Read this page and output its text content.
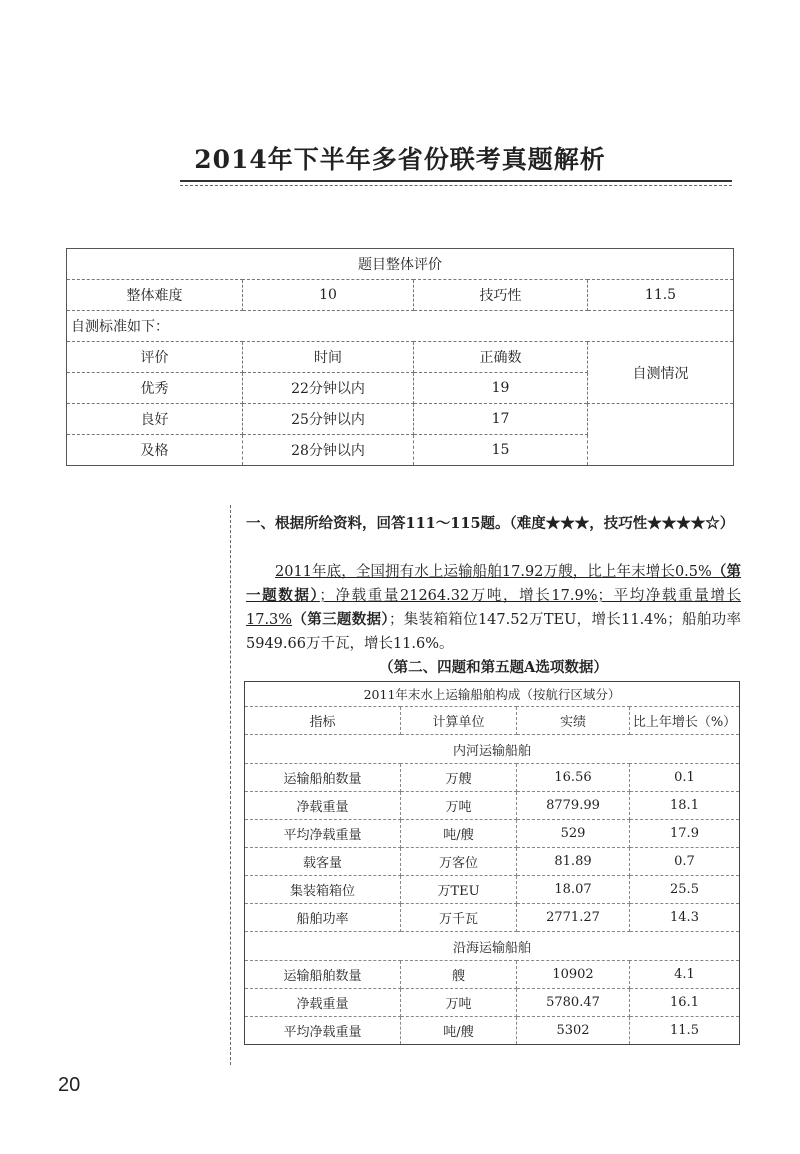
2014年下半年多省份联考真题解析
题目整体评价			
整体难度	10	技巧性	11.5
自测标准如下：			
评价	时间	正确数	自测情况
优秀	22分钟以内	19	
良好	25分钟以内	17	
及格	28分钟以内	15	
一、根据所给资料，回答111～115题。（难度★★★，技巧性★★★★☆）
2011年底，全国拥有水上运输船舶17.92万艘，比上年末增长0.5%（第一题数据）；净载重量21264.32万吨，增长17.9%；平均净载重量增长17.3%（第三题数据）；集装箱箱位147.52万TEU，增长11.4%；船舶功率5949.66万千瓦，增长11.6%。
（第二、四题和第五题A选项数据）
2011年末水上运输船舶构成（按航行区域分）			
指标	计算单位	实绩	比上年增长（%）
内河运输船舶			
运输船舶数量	万艘	16.56	0.1
净载重量	万吨	8779.99	18.1
平均净载重量	吨/艘	529	17.9
载客量	万客位	81.89	0.7
集装箱箱位	万TEU	18.07	25.5
船舶功率	万千瓦	2771.27	14.3
沿海运输船舶			
运输船舶数量	艘	10902	4.1
净载重量	万吨	5780.47	16.1
平均净载重量	吨/艘	5302	11.5
20
